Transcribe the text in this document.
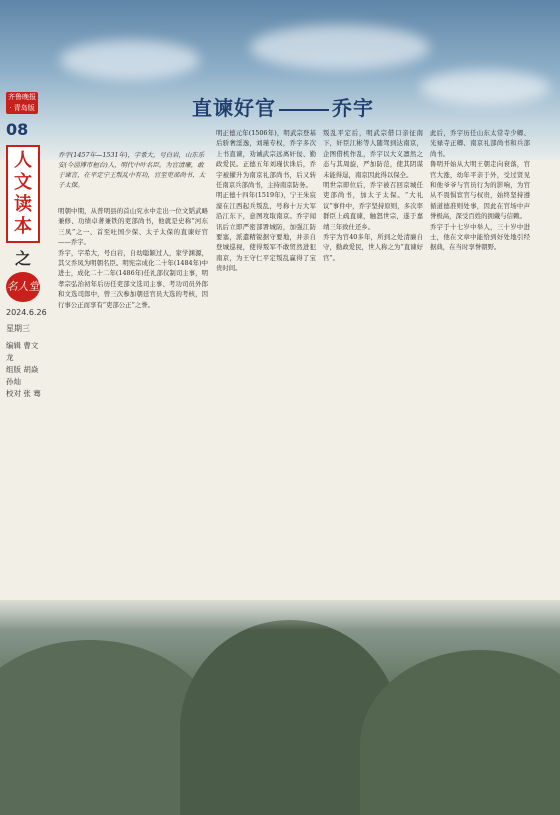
齐鲁晚报 · 青岛版
08
人
文
读
本
之
名人堂
2024.6.26
星期三
编辑 曹文龙
组版 胡焱 孙灿
校对 张 骞
直谏好官	乔宇
乔宇(1457年—1531年)，字希大，号白岩，山东乐安(今淄博市桓台)人，明代中叶名臣。为官清廉，敢于谏言，在平定宁王叛乱中有功，官至吏部尚书、太子太保。
明朝中期，从普明县的首山究水中走出一位文韬武略兼修、功绩卓著兼铁的吏部尚书，他就是史称“河东三凤”之一、首至吐国少保、太子太保的直谏好官——乔宇。
乔宇，字希大，号白岩，自幼聪颖过人，家学渊源，其父乔凤为明朝名臣。明宪宗成化二十年(1484年)中进士，成化二十二年(1486年)任礼部仪制司主事，明孝宗弘治初年后历任吏部文选司主事、考功司员外郎和文选司郎中，曾三次参加朝廷官员大选的考核，因行事公正而享有“吏部公正”之誉。
明正德元年(1506年)，明武宗登基后骄奢淫逸，刘瑾专权，乔宇多次上书直谏，劝诫武宗远离奸佞、勤政爱民。正德五年刘瑾伏诛后，乔宇被擢升为南京礼部尚书，后又转任南京兵部尚书，主持南京防务。
明正德十四年(1519年)，宁王朱宸濠在江西起兵叛乱，号称十万大军沿江东下，意图攻取南京。乔宇闻讯后立即严密部署城防，加强江防要塞，派遣精锐据守要地，并亲自登城巡视，使得叛军不敢贸然进犯南京，为王守仁平定叛乱赢得了宝贵时间。
叛乱平定后，明武宗借口亲征南下，奸臣江彬等人随驾到达南京，企图借机作乱，乔宇以大义凛然之态与其周旋，严加防范，使其阴谋未能得逞，南京因此得以保全。
明世宗即位后，乔宇被召回京城任吏部尚书，加太子太保。“大礼议”事件中，乔宇坚持原则，多次率群臣上疏直谏，触怒世宗，遂于嘉靖三年致仕还乡。
乔宇为官40多年，所到之处清廉自守，勤政爱民，世人称之为“直谏好官”。
此后，乔宇历任山东太常寺少卿、光禄寺正卿、南京礼部尚书和兵部尚书。
鲁明开始从大明王朝走向衰落，官官大涨，幼年平亲于外，受过贤见和他爷爷与官员行为的影响，为官从不畏惧宦官与权贵，始终坚持遵循道德准则处事，因此在官场中声誉极高，深受百姓的拥戴与信赖。
乔宇于十七岁中举人，三十岁中进士，他在文章中能恰到好处地引经据典，在当时享誉朝野。
